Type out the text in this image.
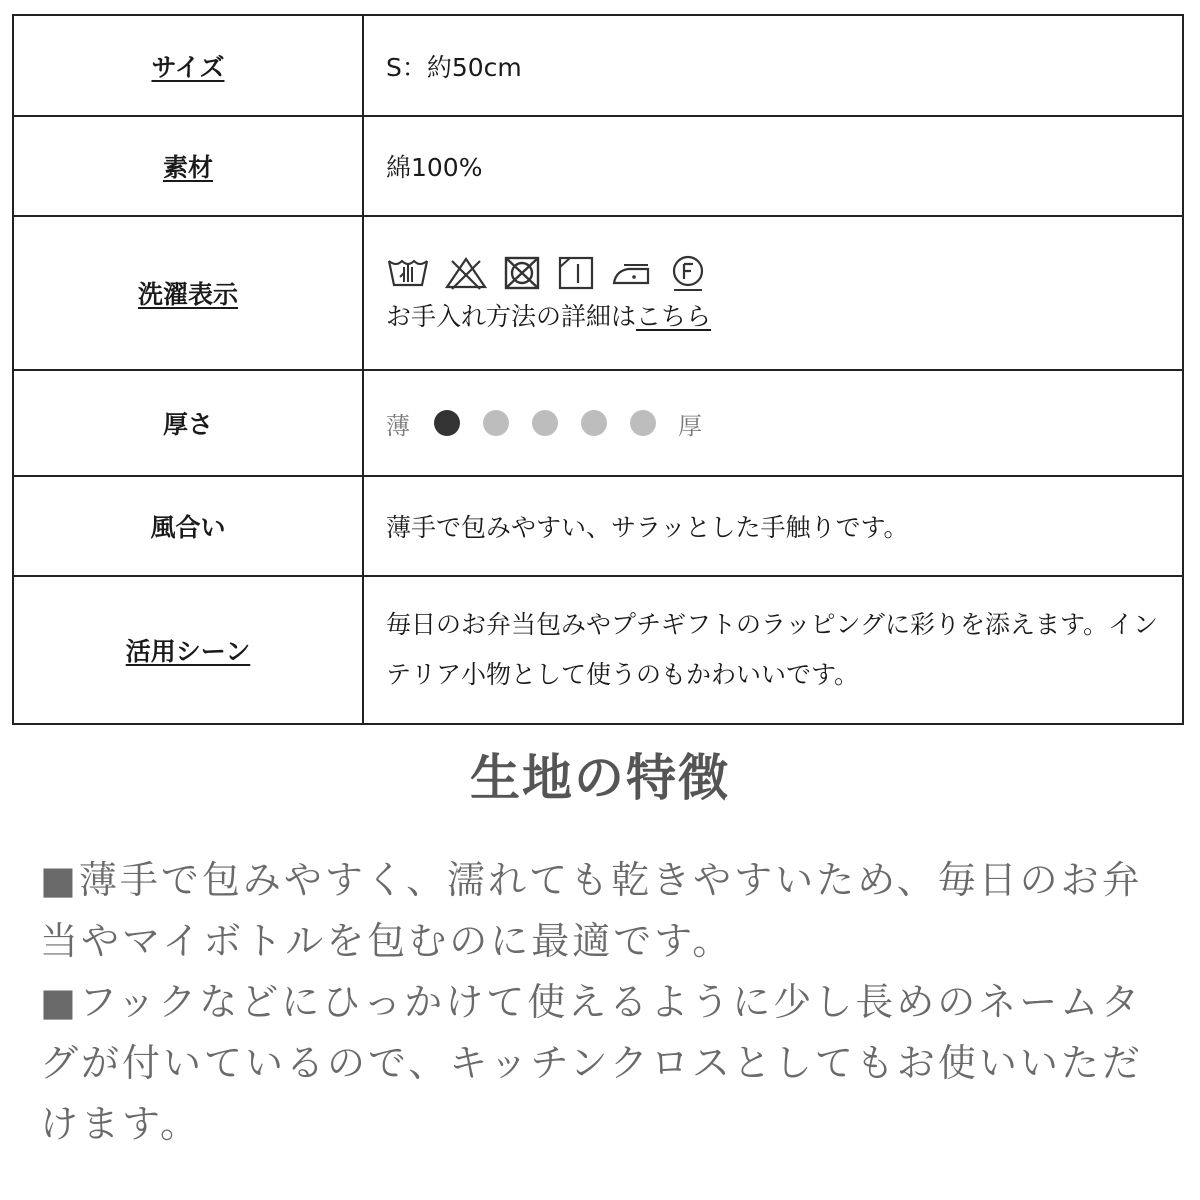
サイズ	S：約50cm
素材	綿100%
洗濯表示	お手入れ方法の詳細はこちら

厚さ	薄 厚

風合い	薄手で包みやすい、サラッとした手触りです。
活用シーン	毎日のお弁当包みやプチギフトのラッピングに彩りを添えます。インテリア小物として使うのもかわいいです。
生地の特徴

■薄手で包みやすく、濡れても乾きやすいため、毎日のお弁当やマイボトルを包むのに最適です。

■フックなどにひっかけて使えるように少し長めのネームタグが付いているので、キッチンクロスとしてもお使いいただけます。
